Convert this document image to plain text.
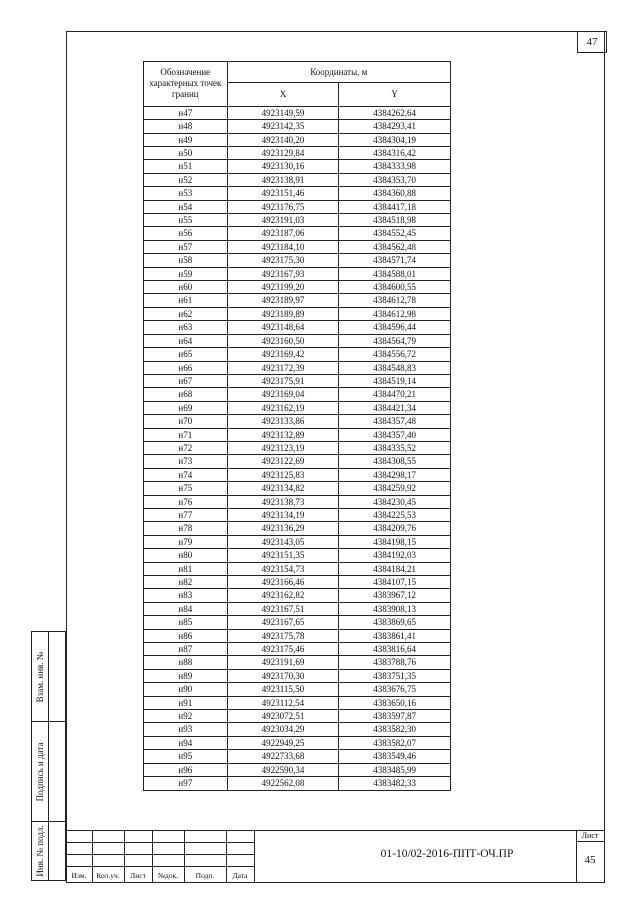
47
Взам. инв. №
Подпись и дата
Инв. № подл.
Обозначение характерных точек границ	Координаты, м	
	X	Y
н47	4923149,59	4384262,64
н48	4923142,35	4384293,41
н49	4923140,20	4384304,19
н50	4923129,84	4384316,42
н51	4923130,16	4384333,98
н52	4923138,91	4384353,70
н53	4923151,46	4384360,88
н54	4923176,75	4384417,18
н55	4923191,03	4384518,98
н56	4923187,06	4384552,45
н57	4923184,10	4384562,48
н58	4923175,30	4384571,74
н59	4923167,93	4384588,01
н60	4923199,20	4384600,55
н61	4923189,97	4384612,78
н62	4923189,89	4384612,98
н63	4923148,64	4384596,44
н64	4923160,50	4384564,79
н65	4923169,42	4384556,72
н66	4923172,39	4384548,83
н67	4923175,91	4384519,14
н68	4923169,04	4384470,21
н69	4923162,19	4384421,34
н70	4923133,86	4384357,48
н71	4923132,89	4384357,40
н72	4923123,19	4384335,52
н73	4923122,69	4384308,55
н74	4923125,83	4384298,17
н75	4923134,82	4384259,92
н76	4923138,73	4384230,45
н77	4923134,19	4384225,53
н78	4923136,29	4384209,76
н79	4923143,05	4384198,15
н80	4923151,35	4384192,03
н81	4923154,73	4384184,21
н82	4923166,46	4384107,15
н83	4923162,82	4383967,12
н84	4923167,51	4383908,13
н85	4923167,65	4383869,65
н86	4923175,78	4383861,41
н87	4923175,46	4383816,64
н88	4923191,69	4383788,76
н89	4923170,30	4383751,35
н90	4923115,50	4383676,75
н91	4923112,54	4383650,16
н92	4923072,51	4383597,87
н93	4923034,29	4383582,30
н94	4922949,25	4383582,07
н95	4922733,68	4383549,46
н96	4922590,34	4383485,99
н97	4922562,08	4383482,33
01-10/02-2016-ППТ-ОЧ.ПР
Лист
45
Изм.	Кол.уч.	Лист	№док.	Подп.	Дата
